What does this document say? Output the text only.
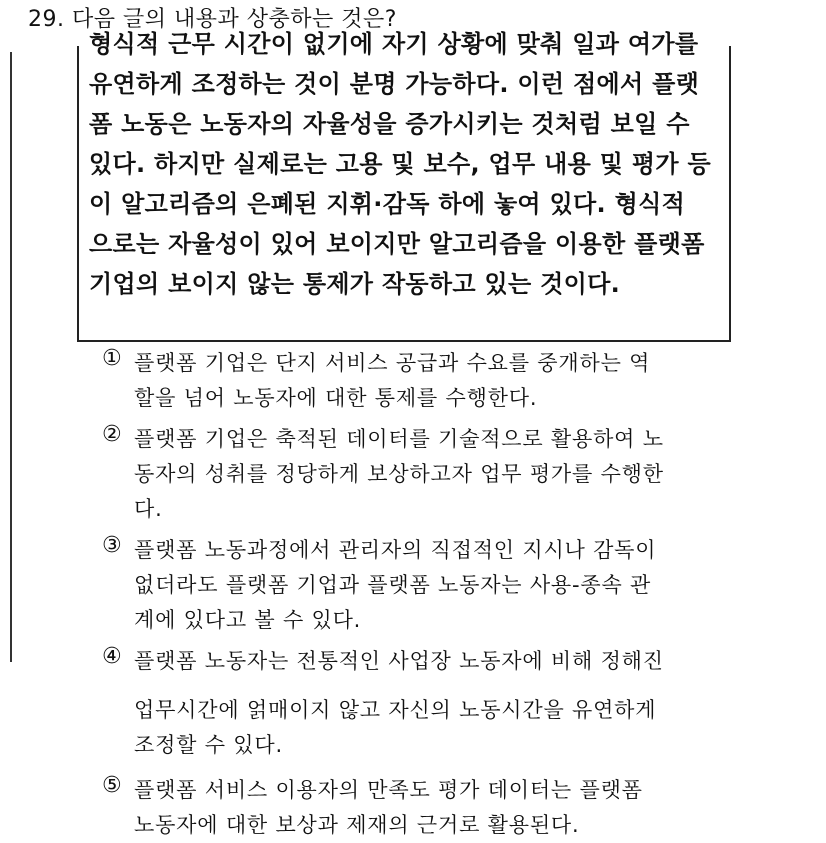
29. 다음 글의 내용과 상충하는 것은?
형식적 근무 시간이 없기에 자기 상황에 맞춰 일과 여가를
유연하게 조정하는 것이 분명 가능하다. 이런 점에서 플랫
폼 노동은 노동자의 자율성을 증가시키는 것처럼 보일 수
있다. 하지만 실제로는 고용 및 보수, 업무 내용 및 평가 등
이 알고리즘의 은폐된 지휘·감독 하에 놓여 있다. 형식적
으로는 자율성이 있어 보이지만 알고리즘을 이용한 플랫폼
기업의 보이지 않는 통제가 작동하고 있는 것이다.
① 플랫폼 기업은 단지 서비스 공급과 수요를 중개하는 역
할을 넘어 노동자에 대한 통제를 수행한다.
② 플랫폼 기업은 축적된 데이터를 기술적으로 활용하여 노
동자의 성취를 정당하게 보상하고자 업무 평가를 수행한
다.
③ 플랫폼 노동과정에서 관리자의 직접적인 지시나 감독이
없더라도 플랫폼 기업과 플랫폼 노동자는 사용-종속 관
계에 있다고 볼 수 있다.
④ 플랫폼 노동자는 전통적인 사업장 노동자에 비해 정해진
업무시간에 얽매이지 않고 자신의 노동시간을 유연하게
조정할 수 있다.
⑤ 플랫폼 서비스 이용자의 만족도 평가 데이터는 플랫폼
노동자에 대한 보상과 제재의 근거로 활용된다.
